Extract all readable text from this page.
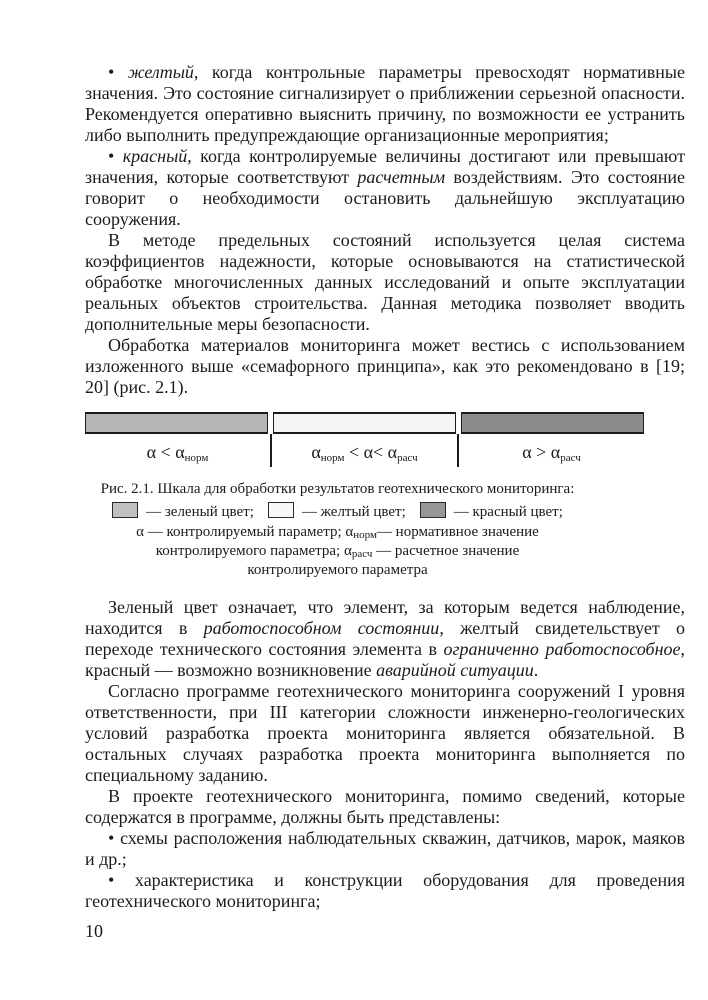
• желтый, когда контрольные параметры превосходят нормативные значения. Это состояние сигнализирует о приближении серьезной опасности. Рекомендуется оперативно выяснить причину, по возможности ее устранить либо выполнить предупреждающие организационные мероприятия;

• красный, когда контролируемые величины достигают или превышают значения, которые соответствуют расчетным воздействиям. Это состояние говорит о необходимости остановить дальнейшую эксплуатацию сооружения.

В методе предельных состояний используется целая система коэффициентов надежности, которые основываются на статистической обработке многочисленных данных исследований и опыте эксплуатации реальных объектов строительства. Данная методика позволяет вводить дополнительные меры безопасности.

Обработка материалов мониторинга может вестись с использованием изложенного выше «семафорного принципа», как это рекомендовано в [19; 20] (рис. 2.1).

$\alpha < \alpha_{норм}$	$\alpha_{норм} < \alpha< \alpha_{расч}$	$\alpha > \alpha_{расч}$
Рис. 2.1. Шкала для обработки результатов геотехнического мониторинга:
— зеленый цвет;	— желтый цвет;	— красный цвет;
α — контролируемый параметр; $\alpha_{норм}—$ нормативное значение
контролируемого параметра; $\alpha_{расч}$ — расчетное значение
контролируемого параметра

Зеленый цвет означает, что элемент, за которым ведется наблюдение, находится в работоспособном состоянии, желтый свидетельствует о переходе технического состояния элемента в ограниченно работоспособное, красный — возможно возникновение аварийной ситуации.

Согласно программе геотехнического мониторинга сооружений I уровня ответственности, при III категории сложности инженерно-геологических условий разработка проекта мониторинга является обязательной. В остальных случаях разработка проекта мониторинга выполняется по специальному заданию.

В проекте геотехнического мониторинга, помимо сведений, которые содержатся в программе, должны быть представлены:

• схемы расположения наблюдательных скважин, датчиков, марок, маяков и др.;

• характеристика и конструкции оборудования для проведения геотехнического мониторинга;

10
